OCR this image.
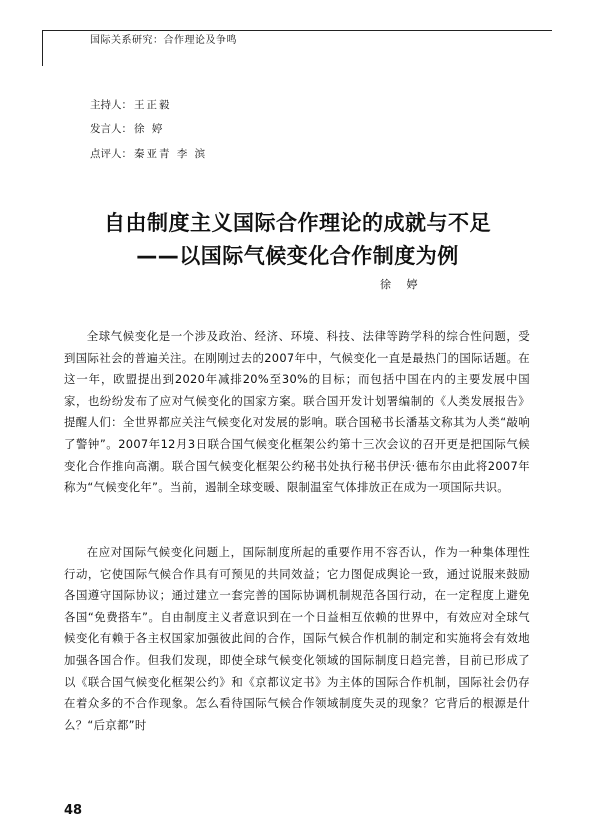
国际关系研究：合作理论及争鸣
主持人： 王正毅
发言人： 徐 婷
点评人： 秦亚青 李 滨
自由制度主义国际合作理论的成就与不足
——以国际气候变化合作制度为例
徐 婷
全球气候变化是一个涉及政治、经济、环境、科技、法律等跨学科的综合性问题，受到国际社会的普遍关注。在刚刚过去的2007年中，气候变化一直是最热门的国际话题。在这一年，欧盟提出到2020年减排20%至30%的目标；而包括中国在内的主要发展中国家，也纷纷发布了应对气候变化的国家方案。联合国开发计划署编制的《人类发展报告》提醒人们：全世界都应关注气候变化对发展的影响。联合国秘书长潘基文称其为人类“敲响了警钟”。2007年12月3日联合国气候变化框架公约第十三次会议的召开更是把国际气候变化合作推向高潮。联合国气候变化框架公约秘书处执行秘书伊沃·德布尔由此将2007年称为“气候变化年”。当前，遏制全球变暖、限制温室气体排放正在成为一项国际共识。
在应对国际气候变化问题上，国际制度所起的重要作用不容否认，作为一种集体理性行动，它使国际气候合作具有可预见的共同效益；它力图促成舆论一致，通过说服来鼓励各国遵守国际协议；通过建立一套完善的国际协调机制规范各国行动，在一定程度上避免各国“免费搭车”。自由制度主义者意识到在一个日益相互依赖的世界中，有效应对全球气候变化有赖于各主权国家加强彼此间的合作，国际气候合作机制的制定和实施将会有效地加强各国合作。但我们发现，即使全球气候变化领域的国际制度日趋完善，目前已形成了以《联合国气候变化框架公约》和《京都议定书》为主体的国际合作机制，国际社会仍存在着众多的不合作现象。怎么看待国际气候合作领域制度失灵的现象？它背后的根源是什么？“后京都”时
48
